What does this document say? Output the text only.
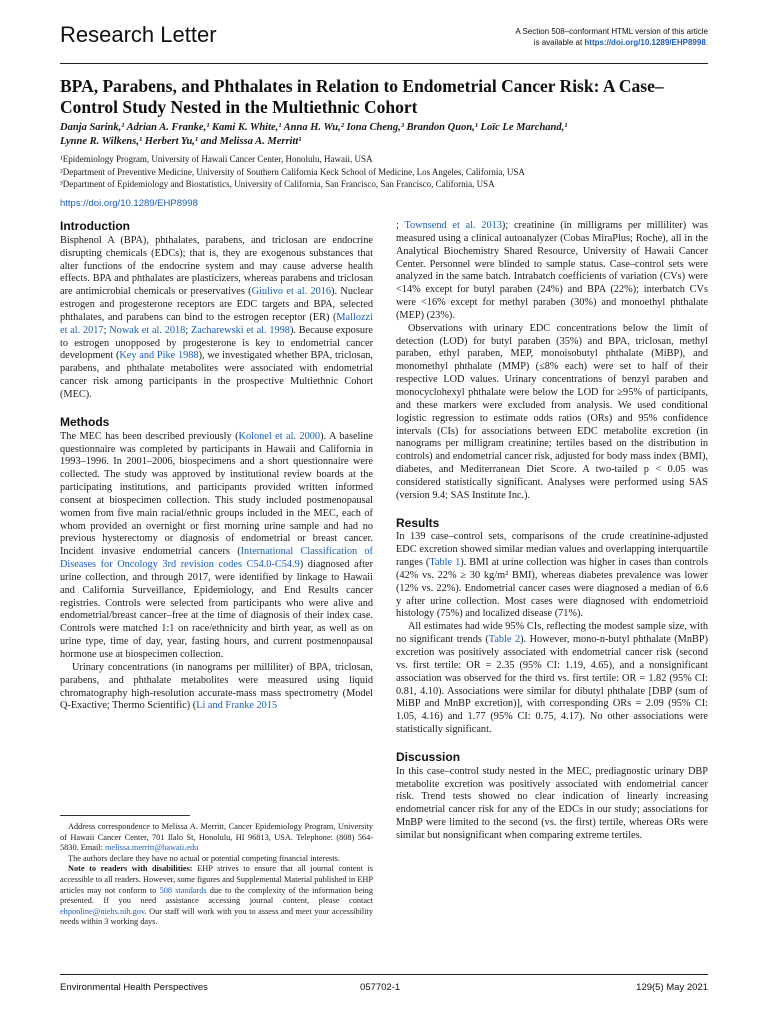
Research Letter	A Section 508–conformant HTML version of this article
is available at https://doi.org/10.1289/EHP8998.
BPA, Parabens, and Phthalates in Relation to Endometrial Cancer Risk: A Case–Control Study Nested in the Multiethnic Cohort
Danja Sarink,¹ Adrian A. Franke,¹ Kami K. White,¹ Anna H. Wu,² Iona Cheng,³ Brandon Quon,¹ Loïc Le Marchand,¹
Lynne R. Wilkens,¹ Herbert Yu,¹ and Melissa A. Merritt¹
¹Epidemiology Program, University of Hawaii Cancer Center, Honolulu, Hawaii, USA
²Department of Preventive Medicine, University of Southern California Keck School of Medicine, Los Angeles, California, USA
³Department of Epidemiology and Biostatistics, University of California, San Francisco, San Francisco, California, USA
https://doi.org/10.1289/EHP8998
Introduction

Bisphenol A (BPA), phthalates, parabens, and triclosan are endocrine disrupting chemicals (EDCs); that is, they are exogenous substances that alter functions of the endocrine system and may cause adverse health effects. BPA and phthalates are plasticizers, whereas parabens and triclosan are antimicrobial chemicals or preservatives (Giulivo et al. 2016). Nuclear estrogen and progesterone receptors are EDC targets and BPA, selected phthalates, and parabens can bind to the estrogen receptor (ER) (Mallozzi et al. 2017; Nowak et al. 2018; Zacharewski et al. 1998). Because exposure to estrogen unopposed by progesterone is key to endometrial cancer development (Key and Pike 1988), we investigated whether BPA, triclosan, parabens, and phthalate metabolites were associated with endometrial cancer risk among participants in the prospective Multiethnic Cohort (MEC).

Methods

The MEC has been described previously (Kolonel et al. 2000). A baseline questionnaire was completed by participants in Hawaii and California in 1993–1996. In 2001–2006, biospecimens and a short questionnaire were collected. The study was approved by institutional review boards at the participating institutions, and participants provided written informed consent at biospecimen collection. This study included postmenopausal women from five main racial/ethnic groups included in the MEC, each of whom provided an overnight or first morning urine sample and had no previous hysterectomy or diagnosis of endometrial or breast cancer. Incident invasive endometrial cancers (International Classification of Diseases for Oncology 3rd revision codes C54.0-C54.9) diagnosed after urine collection, and through 2017, were identified by linkage to Hawaii and California Surveillance, Epidemiology, and End Results cancer registries. Controls were selected from participants who were alive and endometrial/breast cancer–free at the time of diagnosis of their index case. Controls were matched 1:1 on race/ethnicity and birth year, as well as on urine type, time of day, year, fasting hours, and current postmenopausal hormone use at biospecimen collection.

Urinary concentrations (in nanograms per milliliter) of BPA, triclosan, parabens, and phthalate metabolites were measured using liquid chromatography high-resolution accurate-mass mass spectrometry (Model Q-Exactive; Thermo Scientific) (Li and Franke 2015

Address correspondence to Melissa A. Merritt, Cancer Epidemiology Program, University of Hawaii Cancer Center, 701 Ilalo St, Honolulu, HI 96813, USA. Telephone: (808) 564-5830. Email: melissa.merritt@hawaii.edu

The authors declare they have no actual or potential competing financial interests.

Note to readers with disabilities: EHP strives to ensure that all journal content is accessible to all readers. However, some figures and Supplemental Material published in EHP articles may not conform to 508 standards due to the complexity of the information being presented. If you need assistance accessing journal content, please contact ehponline@niehs.nih.gov. Our staff will work with you to assess and meet your accessibility needs within 3 working days.

; Townsend et al. 2013); creatinine (in milligrams per milliliter) was measured using a clinical autoanalyzer (Cobas MiraPlus; Roche), all in the Analytical Biochemistry Shared Resource, University of Hawaii Cancer Center. Personnel were blinded to sample status. Case–control sets were analyzed in the same batch. Intrabatch coefficients of variation (CVs) were <14% except for butyl paraben (24%) and BPA (22%); interbatch CVs were <16% except for methyl paraben (30%) and monoethyl phthalate (MEP) (23%).

Observations with urinary EDC concentrations below the limit of detection (LOD) for butyl paraben (35%) and BPA, triclosan, methyl paraben, ethyl paraben, MEP, monoisobutyl phthalate (MiBP), and monomethyl phthalate (MMP) (≤8% each) were set to half of their respective LOD values. Urinary concentrations of benzyl paraben and monocyclohexyl phthalate were below the LOD for ≥95% of participants, and these markers were excluded from analysis. We used conditional logistic regression to estimate odds ratios (ORs) and 95% confidence intervals (CIs) for associations between EDC metabolite excretion (in nanograms per milligram creatinine; tertiles based on the distribution in controls) and endometrial cancer risk, adjusted for body mass index (BMI), diabetes, and Mediterranean Diet Score. A two-tailed p < 0.05 was considered statistically significant. Analyses were performed using SAS (version 9.4; SAS Institute Inc.).

Results

In 139 case–control sets, comparisons of the crude creatinine-adjusted EDC excretion showed similar median values and overlapping interquartile ranges (Table 1). BMI at urine collection was higher in cases than controls (42% vs. 22% ≥ 30 kg/m² BMI), whereas diabetes prevalence was lower (12% vs. 22%). Endometrial cancer cases were diagnosed a median of 6.6 y after urine collection. Most cases were diagnosed with endometrioid histology (75%) and localized disease (71%).

All estimates had wide 95% CIs, reflecting the modest sample size, with no significant trends (Table 2). However, mono-n-butyl phthalate (MnBP) excretion was positively associated with endometrial cancer risk (second vs. first tertile: OR = 2.35 (95% CI: 1.19, 4.65), and a nonsignificant association was observed for the third vs. first tertile: OR = 1.82 (95% CI: 0.81, 4.10). Associations were similar for dibutyl phthalate [DBP (sum of MiBP and MnBP excretion)], with corresponding ORs = 2.09 (95% CI: 1.05, 4.16) and 1.77 (95% CI: 0.75, 4.17). No other associations were statistically significant.

Discussion

In this case–control study nested in the MEC, prediagnostic urinary DBP metabolite excretion was positively associated with endometrial cancer risk. Trend tests showed no clear indication of linearly increasing endometrial cancer risk for any of the EDCs in our study; associations for MnBP were limited to the second (vs. the first) tertile, whereas ORs were similar but nonsignificant when comparing extreme tertiles.

Environmental Health Perspectives	057702-1	129(5) May 2021
